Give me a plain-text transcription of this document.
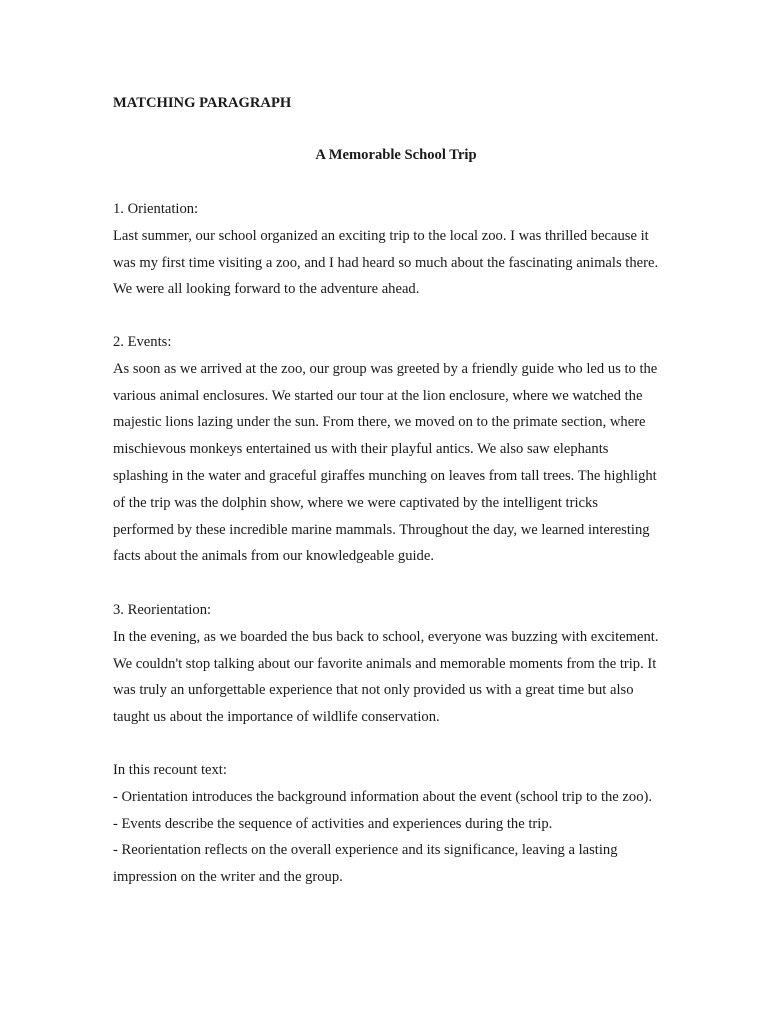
MATCHING PARAGRAPH

A Memorable School Trip

1. Orientation:
Last summer, our school organized an exciting trip to the local zoo. I was thrilled because it
was my first time visiting a zoo, and I had heard so much about the fascinating animals there.
We were all looking forward to the adventure ahead.
2. Events:
As soon as we arrived at the zoo, our group was greeted by a friendly guide who led us to the
various animal enclosures. We started our tour at the lion enclosure, where we watched the
majestic lions lazing under the sun. From there, we moved on to the primate section, where
mischievous monkeys entertained us with their playful antics. We also saw elephants
splashing in the water and graceful giraffes munching on leaves from tall trees. The highlight
of the trip was the dolphin show, where we were captivated by the intelligent tricks
performed by these incredible marine mammals. Throughout the day, we learned interesting
facts about the animals from our knowledgeable guide.
3. Reorientation:
In the evening, as we boarded the bus back to school, everyone was buzzing with excitement.
We couldn't stop talking about our favorite animals and memorable moments from the trip. It
was truly an unforgettable experience that not only provided us with a great time but also
taught us about the importance of wildlife conservation.
In this recount text:
- Orientation introduces the background information about the event (school trip to the zoo).
- Events describe the sequence of activities and experiences during the trip.
- Reorientation reflects on the overall experience and its significance, leaving a lasting
impression on the writer and the group.
